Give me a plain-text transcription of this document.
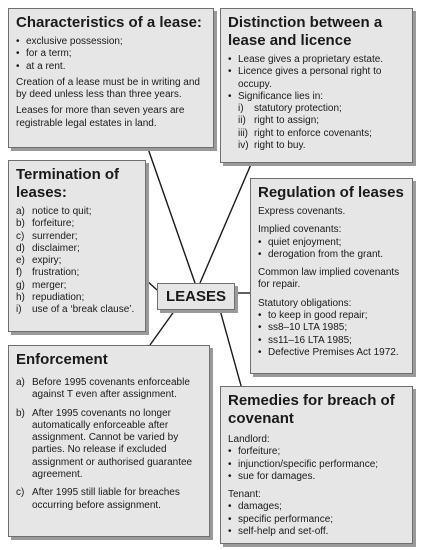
Characteristics of a lease:
• exclusive possession;
• for a term;
• at a rent.

Creation of a lease must be in writing and by deed unless less than three years.

Leases for more than seven years are registrable legal estates in land.

Distinction between a lease and licence
• Lease gives a proprietary estate.
• Licence gives a personal right to occupy.
• Significance lies in:
i) statutory protection;
ii) right to assign;
iii) right to enforce covenants;
iv) right to buy.
Termination of leases:
a) notice to quit;
b) forfeiture;
c) surrender;
d) disclaimer;
e) expiry;
f) frustration;
g) merger;
h) repudiation;
i) use of a ‘break clause’.
LEASES
Regulation of leases

Express covenants.

Implied covenants:

• quiet enjoyment;
• derogation from the grant.

Common law implied covenants for repair.

Statutory obligations:

• to keep in good repair;
• ss8–10 LTA 1985;
• ss11–16 LTA 1985;
• Defective Premises Act 1972.
Enforcement
a) Before 1995 covenants enforceable against T even after assignment.
b) After 1995 covenants no longer automatically enforceable after assignment. Cannot be varied by parties. No release if excluded assignment or authorised guarantee agreement.
c) After 1995 still liable for breaches occurring before assignment.
Remedies for breach of covenant

Landlord:

• forfeiture;
• injunction/specific performance;
• sue for damages.

Tenant:

• damages;
• specific performance;
• self-help and set-off.
